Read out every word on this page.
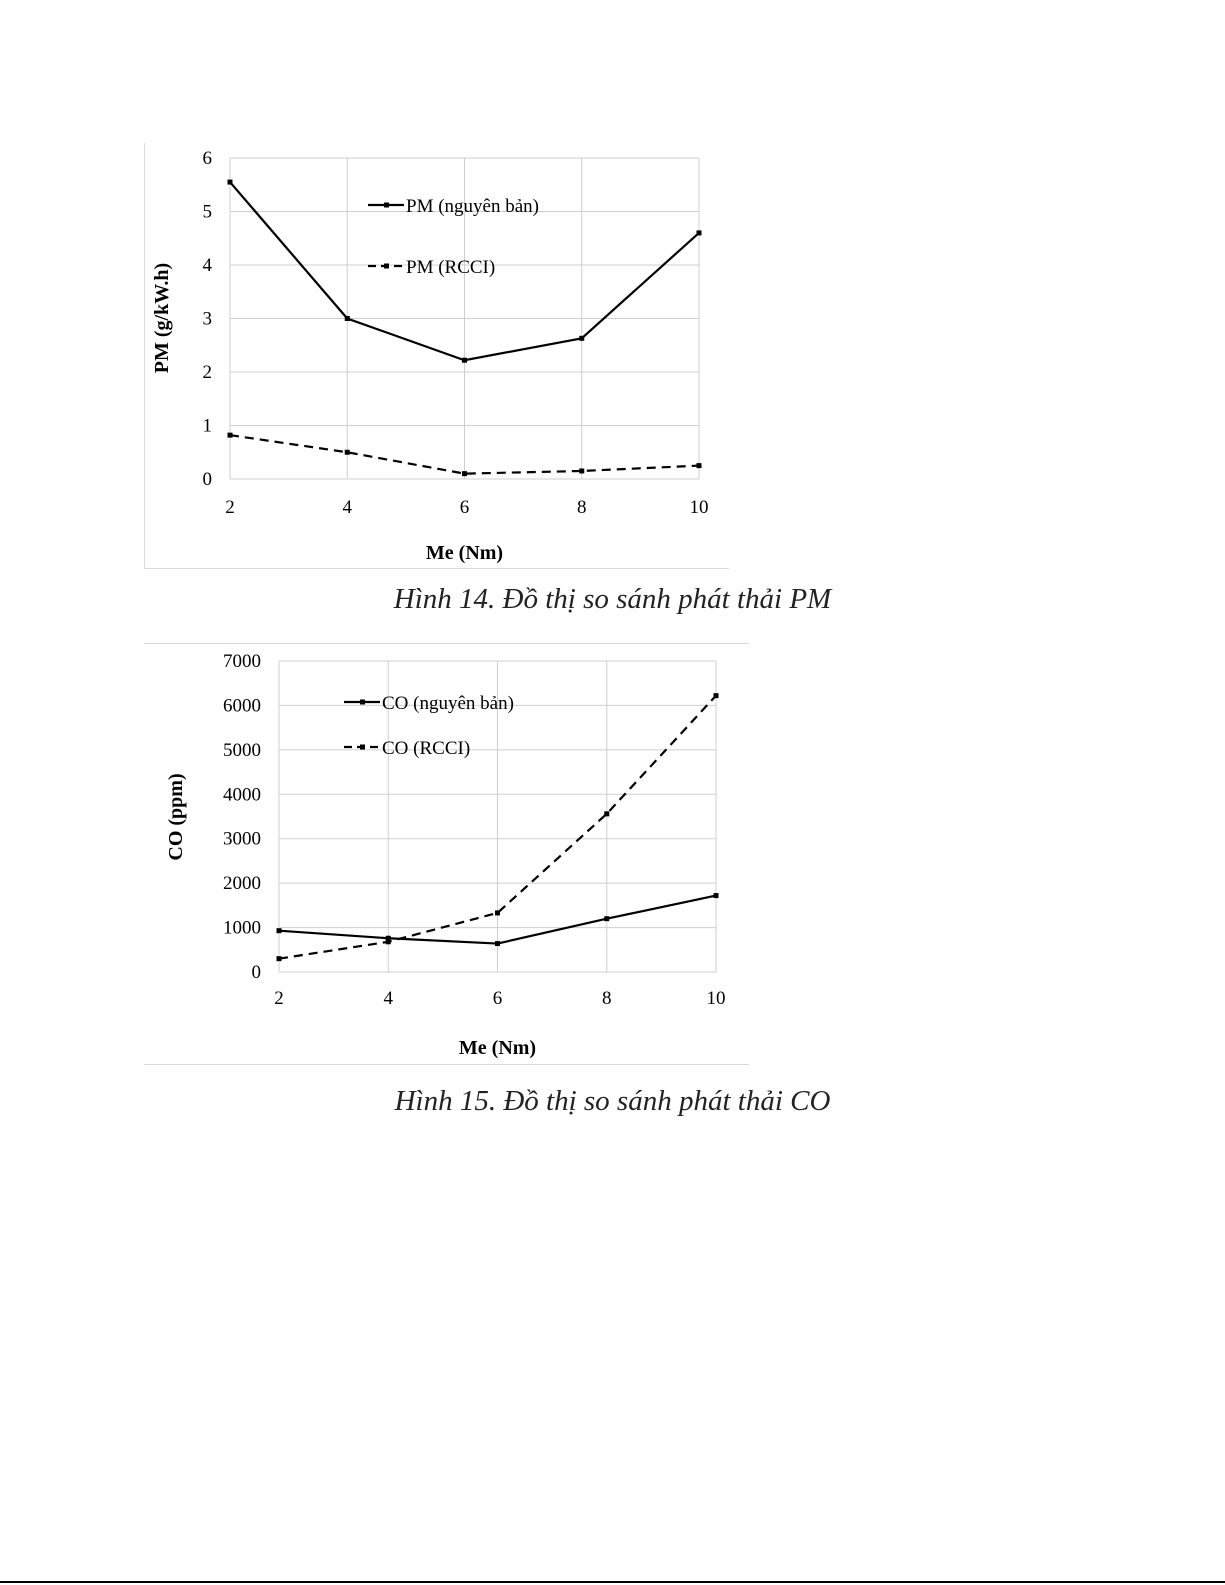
0
1
2
3
4
5
6
2	4	6	8	10
Me (Nm)
PM (g/kW.h)
PM (nguyên bản)
PM (RCCI)
Hình 14. Đồ thị so sánh phát thải PM
0
1000
2000
3000
4000
5000
6000
7000
2	4	6	8	10
Me (Nm)
CO (ppm)
CO (nguyên bản)
CO (RCCI)
Hình 15. Đồ thị so sánh phát thải CO
